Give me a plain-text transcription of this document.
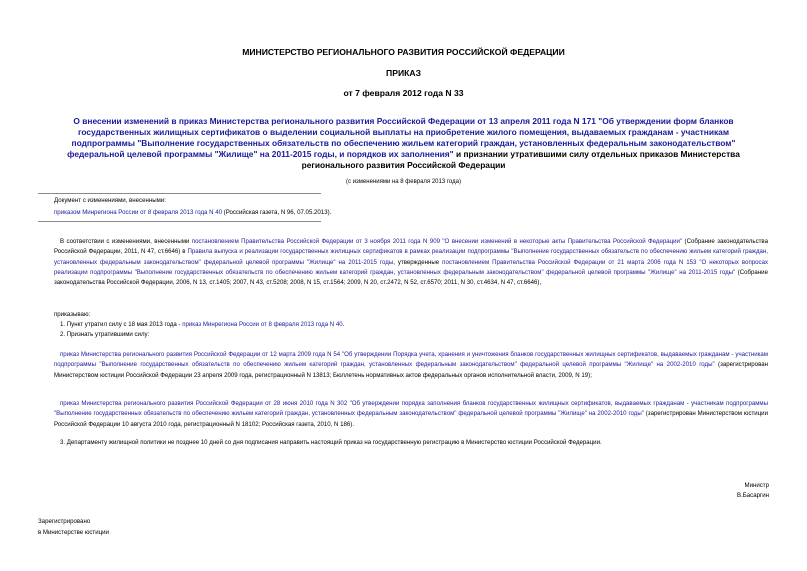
МИНИСТЕРСТВО РЕГИОНАЛЬНОГО РАЗВИТИЯ РОССИЙСКОЙ ФЕДЕРАЦИИ
ПРИКАЗ
от 7 февраля 2012 года N 33
О внесении изменений в приказ Министерства регионального развития Российской Федерации от 13 апреля 2011 года N 171 "Об утверждении форм бланков государственных жилищных сертификатов о выделении социальной выплаты на приобретение жилого помещения, выдаваемых гражданам - участникам подпрограммы "Выполнение государственных обязательств по обеспечению жильем категорий граждан, установленных федеральным законодательством" федеральной целевой программы "Жилище" на 2011-2015 годы, и порядков их заполнения" и признании утратившими силу отдельных приказов Министерства регионального развития Российской Федерации
(с изменениями на 8 февраля 2013 года)
Документ с изменениями, внесенными:
приказом Минрегиона России от 8 февраля 2013 года N 40 (Российская газета, N 96, 07.05.2013).
В соответствии с изменениями, внесенными постановлением Правительства Российской Федерации от 3 ноября 2011 года N 909 "О внесении изменений в некоторые акты Правительства Российской Федерации" (Собрание законодательства Российской Федерации, 2011, N 47, ст.6646) в Правила выпуска и реализации государственных жилищных сертификатов в рамках реализации подпрограммы "Выполнение государственных обязательств по обеспечению жильем категорий граждан, установленных федеральным законодательством" федеральной целевой программы "Жилище" на 2011-2015 годы, утвержденные постановлением Правительства Российской Федерации от 21 марта 2006 года N 153 "О некоторых вопросах реализации подпрограммы "Выполнение государственных обязательств по обеспечению жильем категорий граждан, установленных федеральным законодательством" федеральной целевой программы "Жилище" на 2011-2015 годы" (Собрание законодательства Российской Федерации, 2006, N 13, ст.1405; 2007, N 43, ст.5208; 2008, N 15, ст.1564; 2009, N 20, ст.2472, N 52, ст.6570; 2011, N 30, ст.4634, N 47, ст.6646),
приказываю:
1. Пункт утратил силу с 18 мая 2013 года - приказ Минрегиона России от 8 февраля 2013 года N 40.
2. Признать утратившими силу:
приказ Министерства регионального развития Российской Федерации от 12 марта 2009 года N 54 "Об утверждении Порядка учета, хранения и уничтожения бланков государственных жилищных сертификатов, выдаваемых гражданам - участникам подпрограммы "Выполнение государственных обязательств по обеспечению жильем категорий граждан, установленных федеральным законодательством" федеральной целевой программы "Жилище" на 2002-2010 годы" (зарегистрирован Министерством юстиции Российской Федерации 23 апреля 2009 года, регистрационный N 13813; Бюллетень нормативных актов федеральных органов исполнительной власти, 2009, N 19);
приказ Министерства регионального развития Российской Федерации от 28 июня 2010 года N 302 "Об утверждении порядка заполнения бланков государственных жилищных сертификатов, выдаваемых гражданам - участникам подпрограммы "Выполнение государственных обязательств по обеспечению жильем категорий граждан, установленных федеральным законодательством" федеральной целевой программы "Жилище" на 2002-2010 годы" (зарегистрирован Министерством юстиции Российской Федерации 10 августа 2010 года, регистрационный N 18102; Российская газета, 2010, N 186).
3. Департаменту жилищной политики не позднее 10 дней со дня подписания направить настоящий приказ на государственную регистрацию в Министерство юстиции Российской Федерации.
Министр
В.Басаргин
Зарегистрировано
в Министерстве юстиции
